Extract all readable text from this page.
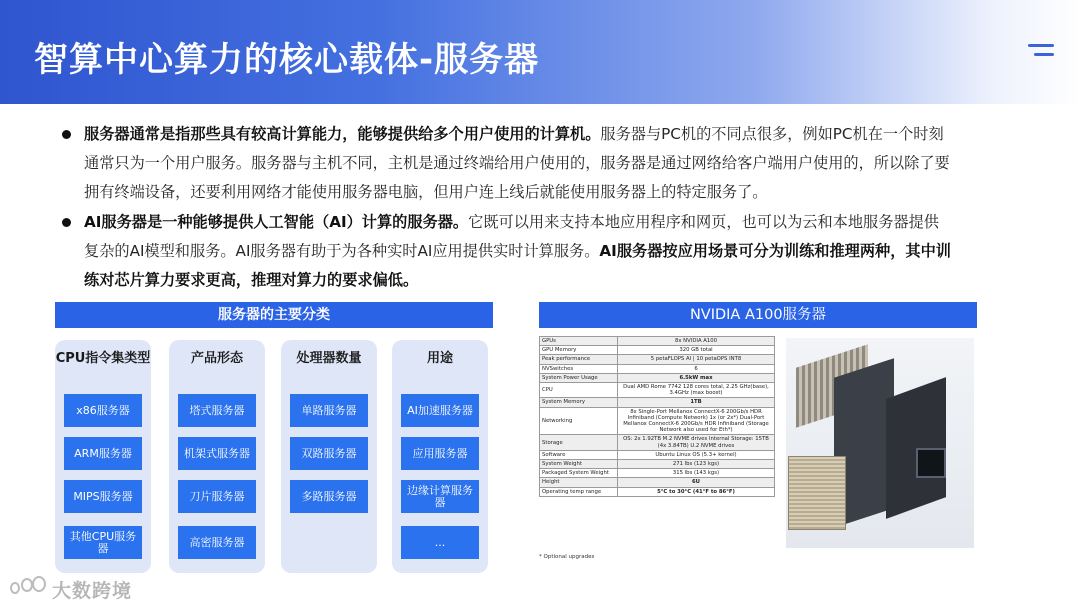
智算中心算力的核心载体-服务器

服务器通常是指那些具有较高计算能力，能够提供给多个用户使用的计算机。服务器与PC机的不同点很多，例如PC机在一个时刻通常只为一个用户服务。服务器与主机不同，主机是通过终端给用户使用的，服务器是通过网络给客户端用户使用的，所以除了要拥有终端设备，还要利用网络才能使用服务器电脑，但用户连上线后就能使用服务器上的特定服务了。

AI服务器是一种能够提供人工智能（AI）计算的服务器。它既可以用来支持本地应用程序和网页，也可以为云和本地服务器提供复杂的AI模型和服务。AI服务器有助于为各种实时AI应用提供实时计算服务。AI服务器按应用场景可分为训练和推理两种，其中训练对芯片算力要求更高，推理对算力的要求偏低。

服务器的主要分类
CPU指令集类型
x86服务器
ARM服务器
MIPS服务器
其他CPU服务器
产品形态
塔式服务器
机架式服务器
刀片服务器
高密服务器
处理器数量
单路服务器
双路服务器
多路服务器
用途
AI加速服务器
应用服务器
边缘计算服务器
...
NVIDIA A100服务器
GPUs	8x NVIDIA A100
GPU Memory	320 GB total
Peak performance	5 petaFLOPS AI | 10 petaOPS INT8
NVSwitches	6
System Power Usage	6.5kW max
CPU	Dual AMD Rome 7742 128 cores total, 2.25 GHz(base), 3.4GHz (max boost)
System Memory	1TB
Networking	8x Single-Port Mellanox ConnectX-6 200Gb/s HDR Infiniband (Compute Network) 1x (or 2x*) Dual-Port Mellanox ConnectX-6 200Gb/s HDR Infiniband (Storage Network also used for Eth*)
Storage	OS: 2x 1.92TB M.2 NVME drives Internal Storage: 15TB (4x 3.84TB) U.2 NVME drives
Software	Ubuntu Linux OS (5.3+ kernel)
System Weight	271 lbs (123 kgs)
Packaged System Weight	315 lbs (143 kgs)
Height	6U
Operating temp range	5°C to 30°C (41°F to 86°F)
* Optional upgrades
大数跨境
